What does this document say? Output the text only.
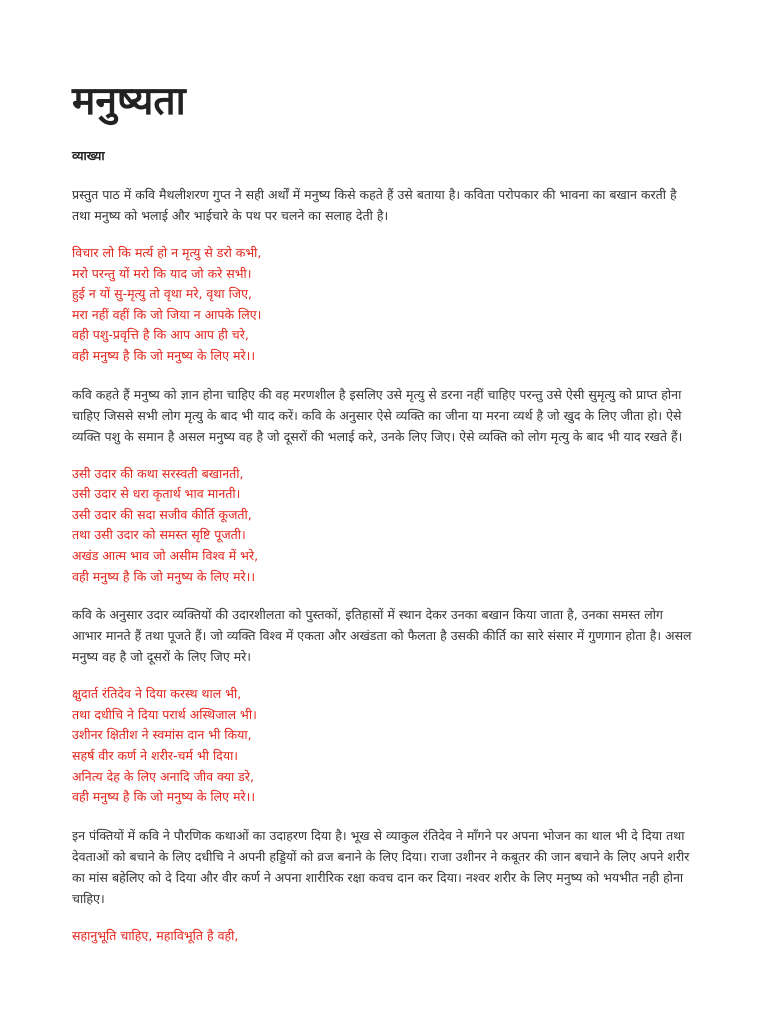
मनुष्यता
व्याख्या

प्रस्तुत पाठ में कवि मैथलीशरण गुप्त ने सही अर्थों में मनुष्य किसे कहते हैं उसे बताया है। कविता परोपकार की भावना का बखान करती है तथा मनुष्य को भलाई और भाईचारे के पथ पर चलने का सलाह देती है।

विचार लो कि मर्त्य हो न मृत्यु से डरो कभी,
मरो परन्तु यों मरो कि याद जो करे सभी।
हुई न यों सु-मृत्यु तो वृथा मरे, वृथा जिए,
मरा नहीं वहीं कि जो जिया न आपके लिए।
वही पशु-प्रवृत्ति है कि आप आप ही चरे,
वही मनुष्य है कि जो मनुष्य के लिए मरे।।

कवि कहते हैं मनुष्य को ज्ञान होना चाहिए की वह मरणशील है इसलिए उसे मृत्यु से डरना नहीं चाहिए परन्तु उसे ऐसी सुमृत्यु को प्राप्त होना चाहिए जिससे सभी लोग मृत्यु के बाद भी याद करें। कवि के अनुसार ऐसे व्यक्ति का जीना या मरना व्यर्थ है जो खुद के लिए जीता हो। ऐसे व्यक्ति पशु के समान है असल मनुष्य वह है जो दूसरों की भलाई करे, उनके लिए जिए। ऐसे व्यक्ति को लोग मृत्यु के बाद भी याद रखते हैं।

उसी उदार की कथा सरस्वती बखानती,
उसी उदार से धरा कृतार्थ भाव मानती।
उसी उदार की सदा सजीव कीर्ति कूजती,
तथा उसी उदार को समस्त सृष्टि पूजती।
अखंड आत्म भाव जो असीम विश्व में भरे,
वही मनुष्य है कि जो मनुष्य के लिए मरे।।

कवि के अनुसार उदार व्यक्तियों की उदारशीलता को पुस्तकों, इतिहासों में स्थान देकर उनका बखान किया जाता है, उनका समस्त लोग आभार मानते हैं तथा पूजते हैं। जो व्यक्ति विश्व में एकता और अखंडता को फैलता है उसकी कीर्ति का सारे संसार में गुणगान होता है। असल मनुष्य वह है जो दूसरों के लिए जिए मरे।

क्षुदार्त रंतिदेव ने दिया करस्थ थाल भी,
तथा दधीचि ने दिया परार्थ अस्थिजाल भी।
उशीनर क्षितीश ने स्वमांस दान भी किया,
सहर्ष वीर कर्ण ने शरीर-चर्म भी दिया।
अनित्य देह के लिए अनादि जीव क्या डरे,
वही मनुष्य है कि जो मनुष्य के लिए मरे।।

इन पंक्तियों में कवि ने पौरणिक कथाओं का उदाहरण दिया है। भूख से व्याकुल रंतिदेव ने माँगने पर अपना भोजन का थाल भी दे दिया तथा देवताओं को बचाने के लिए दधीचि ने अपनी हड्डियों को व्रज बनाने के लिए दिया। राजा उशीनर ने कबूतर की जान बचाने के लिए अपने शरीर का मांस बहेलिए को दे दिया और वीर कर्ण ने अपना शारीरिक रक्षा कवच दान कर दिया। नश्वर शरीर के लिए मनुष्य को भयभीत नही होना चाहिए।

सहानुभूति चाहिए, महाविभूति है वही,
